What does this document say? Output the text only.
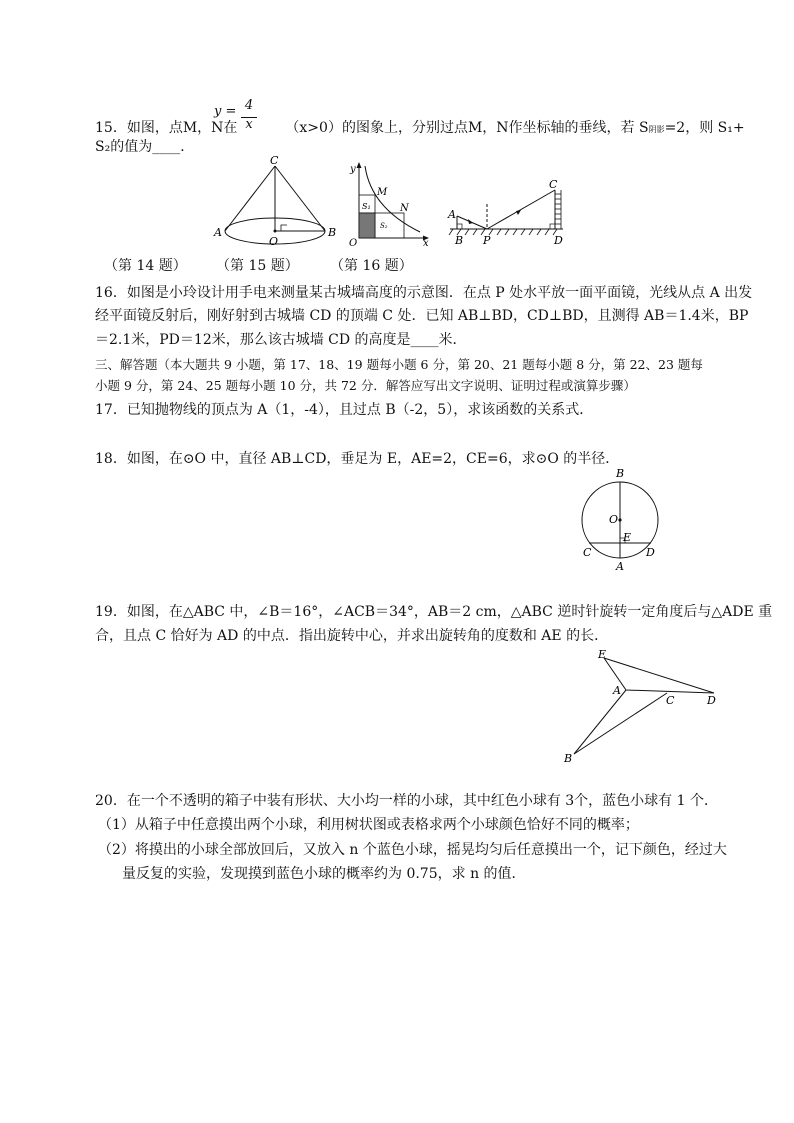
y = 4
x
15．如图，点M，N在	（x>0）的图象上，分别过点M，N作坐标轴的垂线，若 S阴影=2，则 S₁+
S₂的值为____．
C
A
O
B
y
M
N
S₁
S₂
O	x
A
B P
C
D
（第 14 题） （第 15 题） （第 16 题）
16．如图是小玲设计用手电来测量某古城墙高度的示意图．在点 P 处水平放一面平面镜，光线从点 A 出发
经平面镜反射后，刚好射到古城墙 CD 的顶端 C 处．已知 AB⊥BD，CD⊥BD，且测得 AB＝1.4米，BP
＝2.1米，PD＝12米，那么该古城墙 CD 的高度是____米．
三、解答题（本大题共 9 小题，第 17、18、19 题每小题 6 分，第 20、21 题每小题 8 分，第 22、23 题每
小题 9 分，第 24、25 题每小题 10 分，共 72 分．解答应写出文字说明、证明过程或演算步骤）
17．已知抛物线的顶点为 A（1，-4），且过点 B（-2，5），求该函数的关系式．
18．如图，在⊙O 中，直径 AB⊥CD，垂足为 E，AE=2，CE=6，求⊙O 的半径．
B
O
E
C	D
A
19．如图，在△ABC 中，∠B＝16°，∠ACB＝34°，AB＝2 cm，△ABC 逆时针旋转一定角度后与△ADE 重
合，且点 C 恰好为 AD 的中点．指出旋转中心，并求出旋转角的度数和 AE 的长．
E
A
C	D
B
20．在一个不透明的箱子中装有形状、大小均一样的小球，其中红色小球有 3个，蓝色小球有 1 个．
（1）从箱子中任意摸出两个小球，利用树状图或表格求两个小球颜色恰好不同的概率；
（2）将摸出的小球全部放回后，又放入 n 个蓝色小球，摇晃均匀后任意摸出一个，记下颜色，经过大
量反复的实验，发现摸到蓝色小球的概率约为 0.75，求 n 的值．
